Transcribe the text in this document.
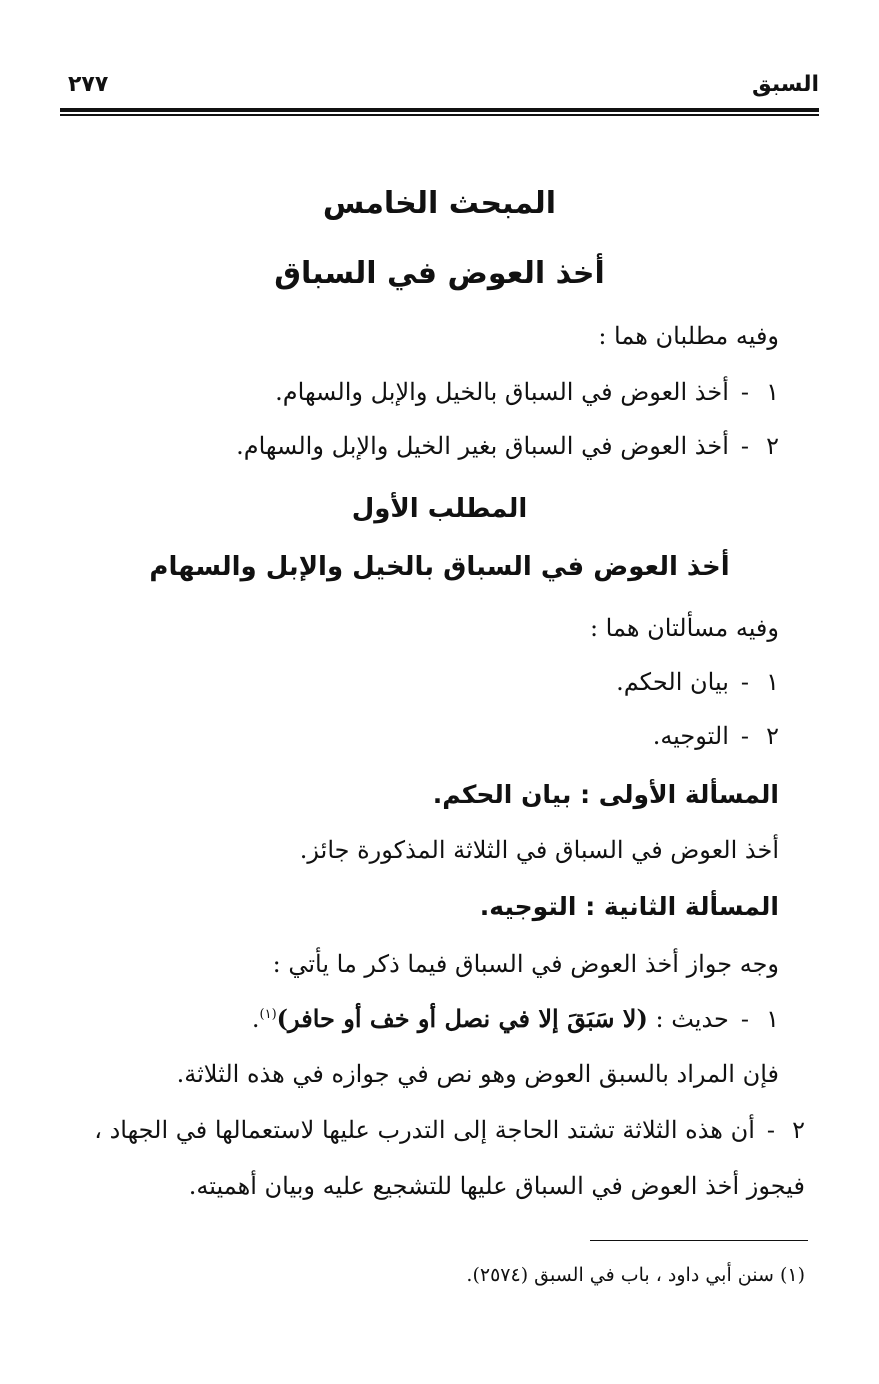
السبق
٢٧٧
المبحث الخامس
أخذ العوض في السباق
وفيه مطلبان هما :
١-أخذ العوض في السباق بالخيل والإبل والسهام.
٢-أخذ العوض في السباق بغير الخيل والإبل والسهام.
المطلب الأول
أخذ العوض في السباق بالخيل والإبل والسهام
وفيه مسألتان هما :
١-بيان الحكم.
٢-التوجيه.
المسألة الأولى : بيان الحكم.
أخذ العوض في السباق في الثلاثة المذكورة جائز.
المسألة الثانية : التوجيه.
وجه جواز أخذ العوض في السباق فيما ذكر ما يأتي :
١-حديث : (لا سَبَقَ إلا في نصل أو خف أو حافر)$^{(١)}$.
فإن المراد بالسبق العوض وهو نص في جوازه في هذه الثلاثة.
٢-أن هذه الثلاثة تشتد الحاجة إلى التدرب عليها لاستعمالها في الجهاد ،
فيجوز أخذ العوض في السباق عليها للتشجيع عليه وبيان أهميته.
(١) سنن أبي داود ، باب في السبق (٢٥٧٤).
